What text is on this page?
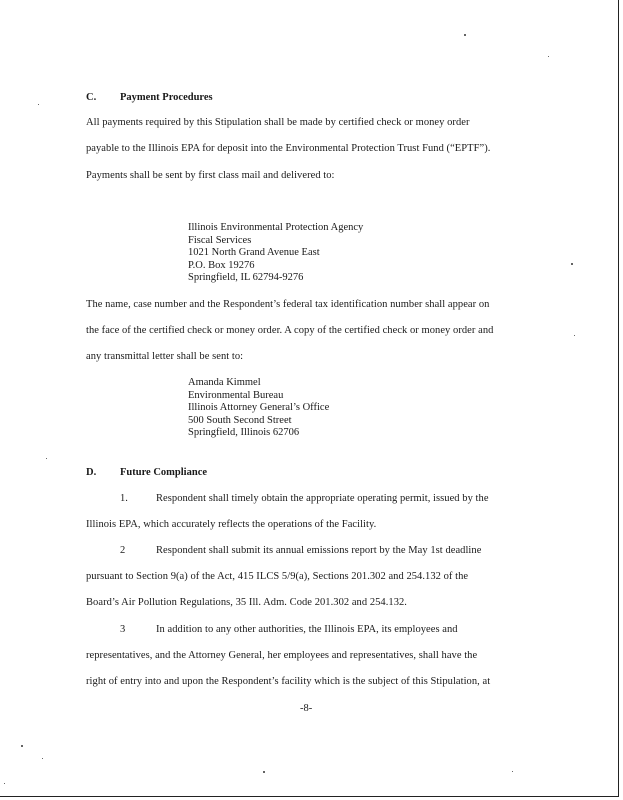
C. Payment Procedures
All payments required by this Stipulation shall be made by certified check or money order
payable to the Illinois EPA for deposit into the Environmental Protection Trust Fund (“EPTF”).
Payments shall be sent by first class mail and delivered to:
Illinois Environmental Protection Agency
Fiscal Services
1021 North Grand Avenue East
P.O. Box 19276
Springfield, IL 62794-9276
The name, case number and the Respondent’s federal tax identification number shall appear on
the face of the certified check or money order. A copy of the certified check or money order and
any transmittal letter shall be sent to:
Amanda Kimmel
Environmental Bureau
Illinois Attorney General’s Office
500 South Second Street
Springfield, Illinois 62706
D. Future Compliance
1.	Respondent shall timely obtain the appropriate operating permit, issued by the
Illinois EPA, which accurately reflects the operations of the Facility.
2	Respondent shall submit its annual emissions report by the May 1st deadline
pursuant to Section 9(a) of the Act, 415 ILCS 5/9(a), Sections 201.302 and 254.132 of the
Board’s Air Pollution Regulations, 35 Ill. Adm. Code 201.302 and 254.132.
3	In addition to any other authorities, the Illinois EPA, its employees and
representatives, and the Attorney General, her employees and representatives, shall have the
right of entry into and upon the Respondent’s facility which is the subject of this Stipulation, at
-8-
